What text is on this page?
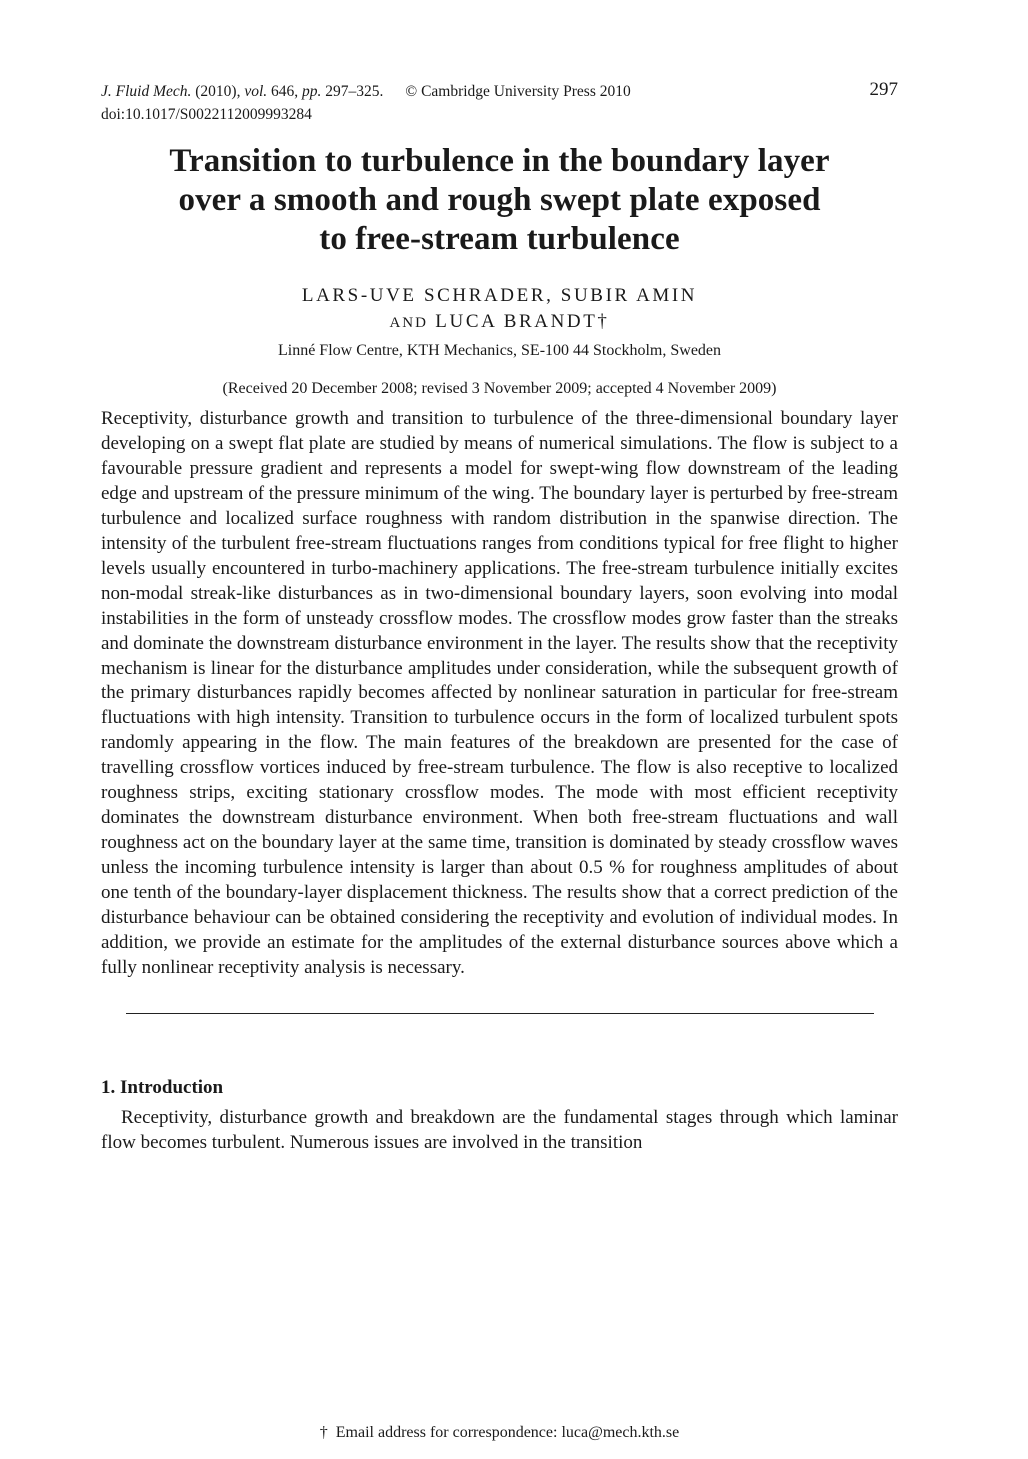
J. Fluid Mech. (2010), vol. 646, pp. 297–325. © Cambridge University Press 2010	297
doi:10.1017/S0022112009993284
Transition to turbulence in the boundary layer
over a smooth and rough swept plate exposed
to free-stream turbulence
LARS-UVE SCHRADER, SUBIR AMIN
AND LUCA BRANDT†
Linné Flow Centre, KTH Mechanics, SE-100 44 Stockholm, Sweden
(Received 20 December 2008; revised 3 November 2009; accepted 4 November 2009)

Receptivity, disturbance growth and transition to turbulence of the three-dimensional boundary layer developing on a swept flat plate are studied by means of numerical simulations. The flow is subject to a favourable pressure gradient and represents a model for swept-wing flow downstream of the leading edge and upstream of the pressure minimum of the wing. The boundary layer is perturbed by free-stream turbulence and localized surface roughness with random distribution in the spanwise direction. The intensity of the turbulent free-stream fluctuations ranges from conditions typical for free flight to higher levels usually encountered in turbo-machinery applications. The free-stream turbulence initially excites non-modal streak-like disturbances as in two-dimensional boundary layers, soon evolving into modal instabilities in the form of unsteady crossflow modes. The crossflow modes grow faster than the streaks and dominate the downstream disturbance environment in the layer. The results show that the receptivity mechanism is linear for the disturbance amplitudes under consideration, while the subsequent growth of the primary disturbances rapidly becomes affected by nonlinear saturation in particular for free-stream fluctuations with high intensity. Transition to turbulence occurs in the form of localized turbulent spots randomly appearing in the flow. The main features of the breakdown are presented for the case of travelling crossflow vortices induced by free-stream turbulence. The flow is also receptive to localized roughness strips, exciting stationary crossflow modes. The mode with most efficient receptivity dominates the downstream disturbance environment. When both free-stream fluctuations and wall roughness act on the boundary layer at the same time, transition is dominated by steady crossflow waves unless the incoming turbulence intensity is larger than about 0.5 % for roughness amplitudes of about one tenth of the boundary-layer displacement thickness. The results show that a correct prediction of the disturbance behaviour can be obtained considering the receptivity and evolution of individual modes. In addition, we provide an estimate for the amplitudes of the external disturbance sources above which a fully nonlinear receptivity analysis is necessary.

1. Introduction

Receptivity, disturbance growth and breakdown are the fundamental stages through which laminar flow becomes turbulent. Numerous issues are involved in the transition

† Email address for correspondence: luca@mech.kth.se
